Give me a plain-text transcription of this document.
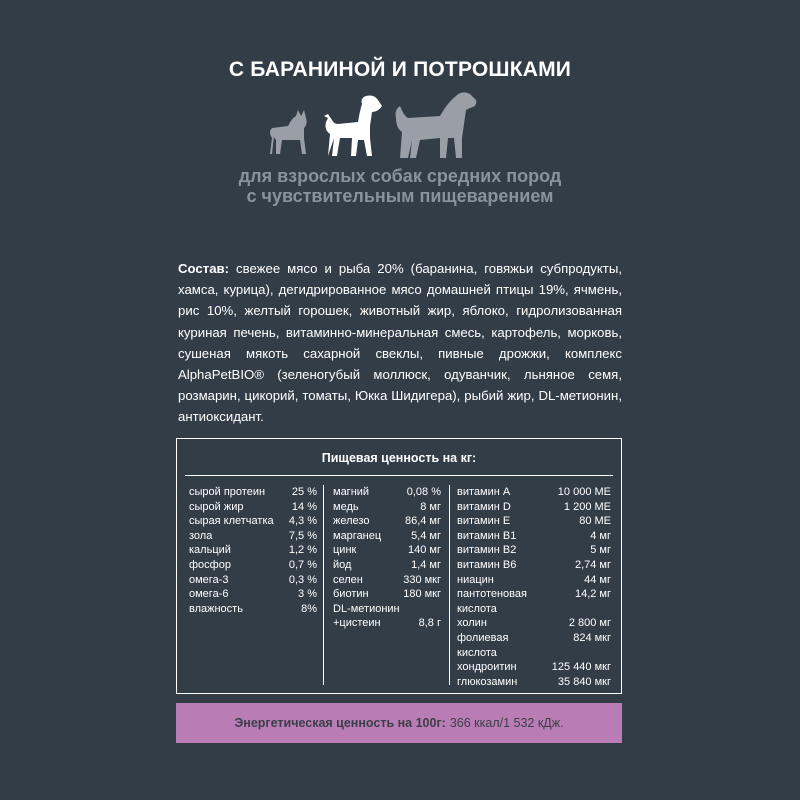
С БАРАНИНОЙ И ПОТРОШКАМИ
для взрослых собак средних пород
с чувствительным пищеварением
Состав: свежее мясо и рыба 20% (баранина, говяжьи субпродукты, хамса, курица), дегидрированное мясо домашней птицы 19%, ячмень, рис 10%, желтый горошек, животный жир, яблоко, гидролизованная куриная печень, витаминно-минеральная смесь, картофель, морковь, сушеная мякоть сахарной свеклы, пивные дрожжи, комплекс AlphaPetBIO® (зеленогубый моллюск, одуванчик, льняное семя, розмарин, цикорий, томаты, Юкка Шидигера), рыбий жир, DL-метионин, антиоксидант.
Пищевая ценность на кг:
сырой протеин	25 %
сырой жир	14 %
сырая клетчатка	4,3 %
зола	7,5 %
кальций	1,2 %
фосфор	0,7 %
омега-3	0,3 %
омега-6	3 %
влажность	8%
магний	0,08 %
медь	8 мг
железо	86,4 мг
марганец	5,4 мг
цинк	140 мг
йод	1,4 мг
селен	330 мкг
биотин	180 мкг
DL-метионин
+цистеин	8,8 г
витамин А	10 000 МЕ
витамин D	1 200 МЕ
витамин Е	80 МЕ
витамин В1	4 мг
витамин В2	5 мг
витамин В6	2,74 мг
ниацин	44 мг
пантотеновая	14,2 мг
кислота
холин	2 800 мг
фолиевая	824 мкг
кислота
хондроитин	125 440 мкг
глюкозамин	35 840 мкг
Энергетическая ценность на 100г: 366 ккал/1 532 кДж.
